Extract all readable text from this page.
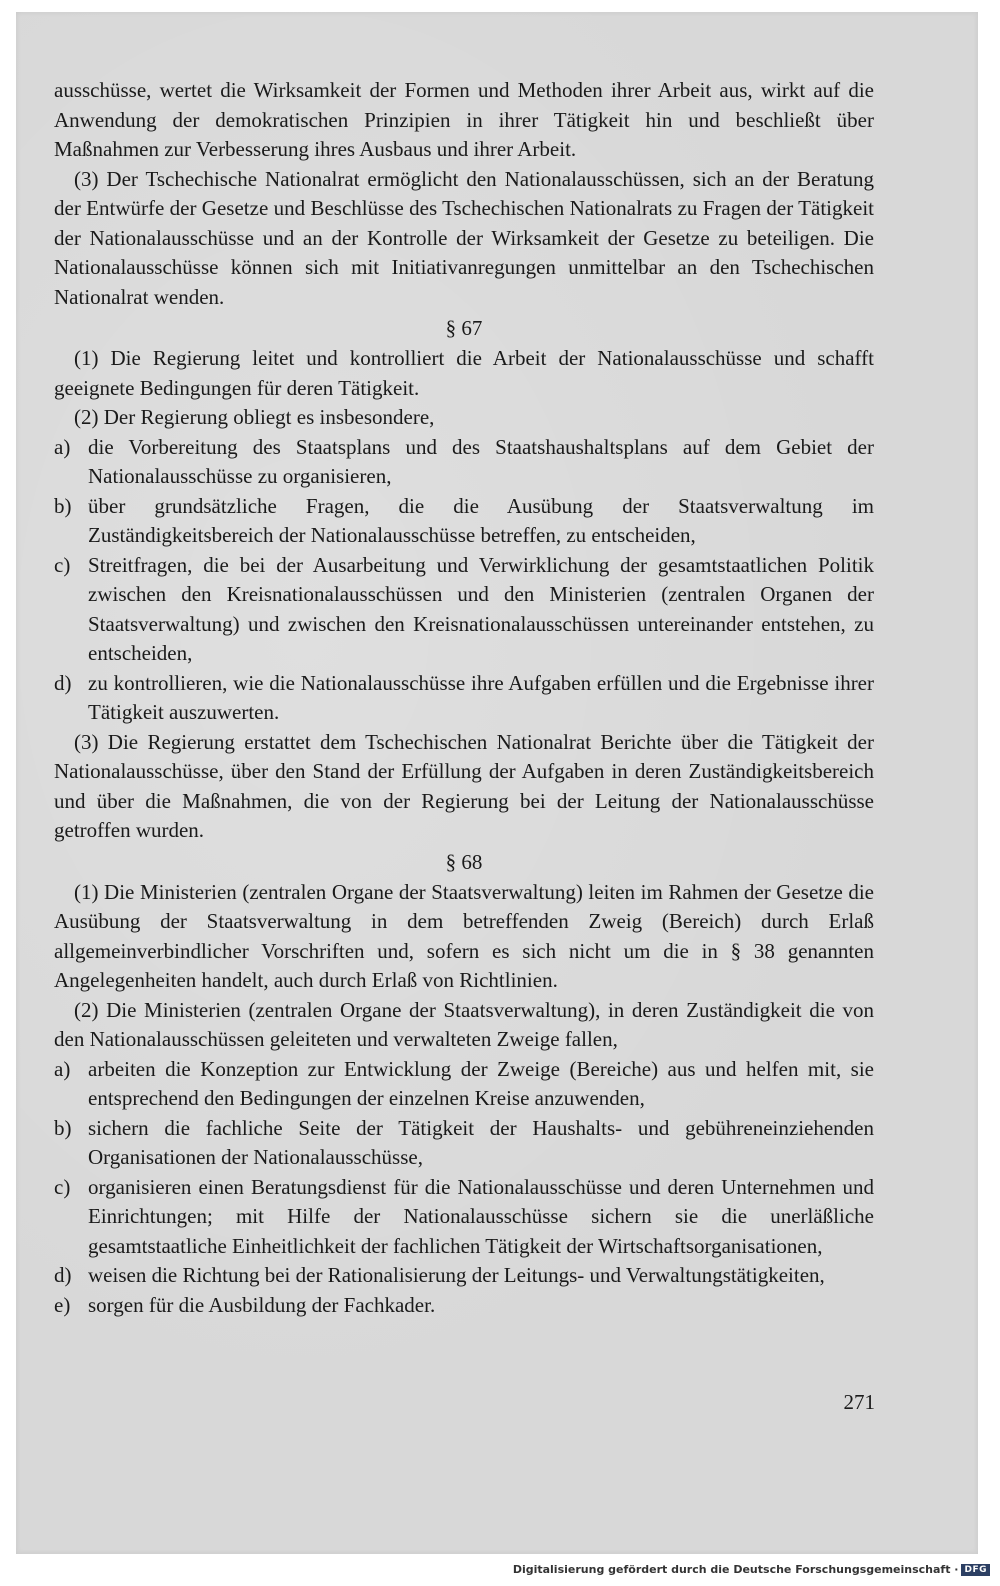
ausschüsse, wertet die Wirksamkeit der Formen und Methoden ihrer Arbeit aus, wirkt auf die Anwendung der demokratischen Prinzipien in ihrer Tätigkeit hin und beschließt über Maßnahmen zur Verbesserung ihres Ausbaus und ihrer Arbeit.

(3) Der Tschechische Nationalrat ermöglicht den Nationalausschüssen, sich an der Beratung der Entwürfe der Gesetze und Beschlüsse des Tschechischen Nationalrats zu Fragen der Tätigkeit der Nationalausschüsse und an der Kontrolle der Wirksamkeit der Gesetze zu beteiligen. Die Nationalausschüsse können sich mit Initiativanregungen unmittelbar an den Tschechischen Nationalrat wenden.

§ 67

(1) Die Regierung leitet und kontrolliert die Arbeit der Nationalausschüsse und schafft geeignete Bedingungen für deren Tätigkeit.

(2) Der Regierung obliegt es insbesondere,

a) die Vorbereitung des Staatsplans und des Staatshaushaltsplans auf dem Gebiet der Nationalausschüsse zu organisieren,
b) über grundsätzliche Fragen, die die Ausübung der Staatsverwaltung im Zuständigkeitsbereich der Nationalausschüsse betreffen, zu entscheiden,
c) Streitfragen, die bei der Ausarbeitung und Verwirklichung der gesamtstaatlichen Politik zwischen den Kreisnationalausschüssen und den Ministerien (zentralen Organen der Staatsverwaltung) und zwischen den Kreisnationalausschüssen untereinander entstehen, zu entscheiden,
d) zu kontrollieren, wie die Nationalausschüsse ihre Aufgaben erfüllen und die Ergebnisse ihrer Tätigkeit auszuwerten.

(3) Die Regierung erstattet dem Tschechischen Nationalrat Berichte über die Tätigkeit der Nationalausschüsse, über den Stand der Erfüllung der Aufgaben in deren Zuständigkeitsbereich und über die Maßnahmen, die von der Regierung bei der Leitung der Nationalausschüsse getroffen wurden.

§ 68

(1) Die Ministerien (zentralen Organe der Staatsverwaltung) leiten im Rahmen der Gesetze die Ausübung der Staatsverwaltung in dem betreffenden Zweig (Bereich) durch Erlaß allgemeinverbindlicher Vorschriften und, sofern es sich nicht um die in § 38 genannten Angelegenheiten handelt, auch durch Erlaß von Richtlinien.

(2) Die Ministerien (zentralen Organe der Staatsverwaltung), in deren Zuständigkeit die von den Nationalausschüssen geleiteten und verwalteten Zweige fallen,

a) arbeiten die Konzeption zur Entwicklung der Zweige (Bereiche) aus und helfen mit, sie entsprechend den Bedingungen der einzelnen Kreise anzuwenden,
b) sichern die fachliche Seite der Tätigkeit der Haushalts- und gebühreneinziehenden Organisationen der Nationalausschüsse,
c) organisieren einen Beratungsdienst für die Nationalausschüsse und deren Unternehmen und Einrichtungen; mit Hilfe der Nationalausschüsse sichern sie die unerläßliche gesamtstaatliche Einheitlichkeit der fachlichen Tätigkeit der Wirtschaftsorganisationen,
d) weisen die Richtung bei der Rationalisierung der Leitungs- und Verwaltungstätigkeiten,
e) sorgen für die Ausbildung der Fachkader.
271
Digitalisierung gefördert durch die Deutsche Forschungsgemeinschaft · DFG
